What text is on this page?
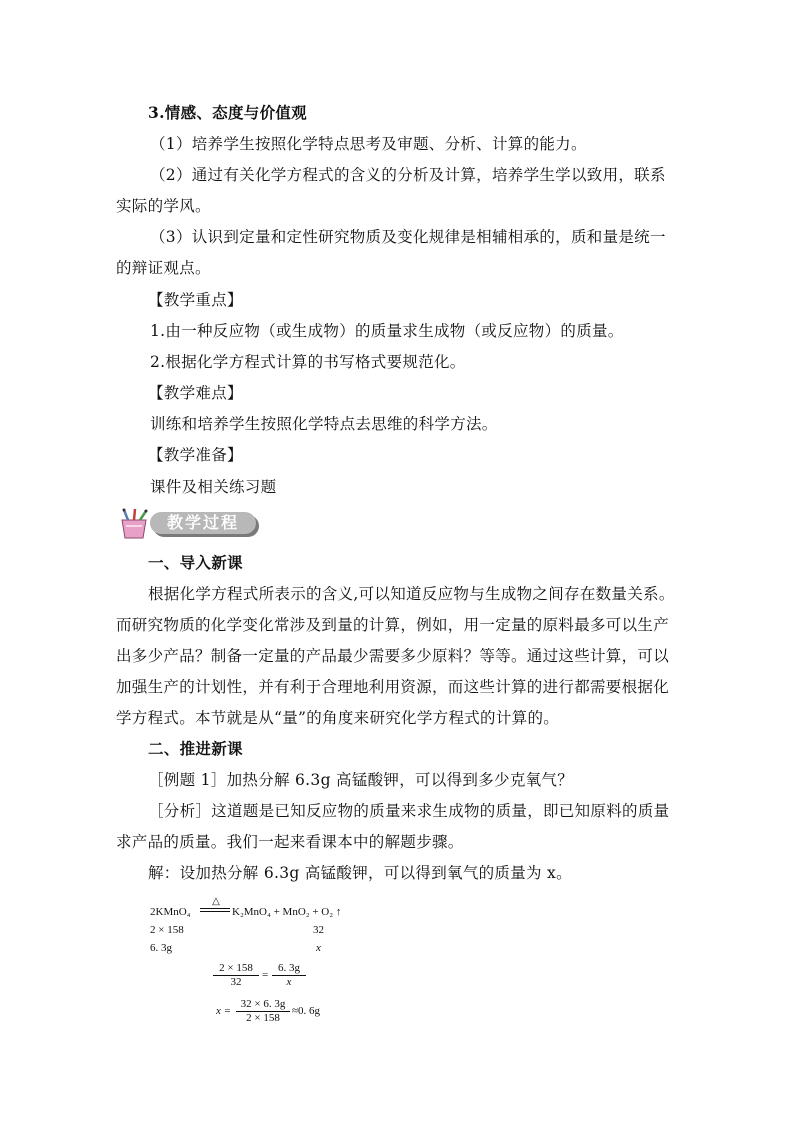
3.情感、态度与价值观
（1）培养学生按照化学特点思考及审题、分析、计算的能力。
（2）通过有关化学方程式的含义的分析及计算，培养学生学以致用，联系
实际的学风。
（3）认识到定量和定性研究物质及变化规律是相辅相承的，质和量是统一
的辩证观点。
【教学重点】
1.由一种反应物（或生成物）的质量求生成物（或反应物）的质量。
2.根据化学方程式计算的书写格式要规范化。
【教学难点】
训练和培养学生按照化学特点去思维的科学方法。
【教学准备】
课件及相关练习题
教学过程
一、导入新课
根据化学方程式所表示的含义,可以知道反应物与生成物之间存在数量关系。
而研究物质的化学变化常涉及到量的计算，例如，用一定量的原料最多可以生产
出多少产品？制备一定量的产品最少需要多少原料？等等。通过这些计算，可以
加强生产的计划性，并有利于合理地利用资源，而这些计算的进行都需要根据化
学方程式。本节就是从“量”的角度来研究化学方程式的计算的。
二、推进新课
［例题 1］加热分解 6.3g 高锰酸钾，可以得到多少克氧气？
［分析］这道题是已知反应物的质量来求生成物的质量，即已知原料的质量
求产品的质量。我们一起来看课本中的解题步骤。
解：设加热分解 6.3g 高锰酸钾，可以得到氧气的质量为 x。
2KMnO₄
△
K₂MnO₄ + MnO₂ + O₂ ↑
2 × 158	32
6. 3g	x
$\frac{2 \times 158}{32} = \frac{6. 3g}{x}$
$x = \frac{32 \times 6. 3g}{2 \times 158} \approx 0$. 6g
